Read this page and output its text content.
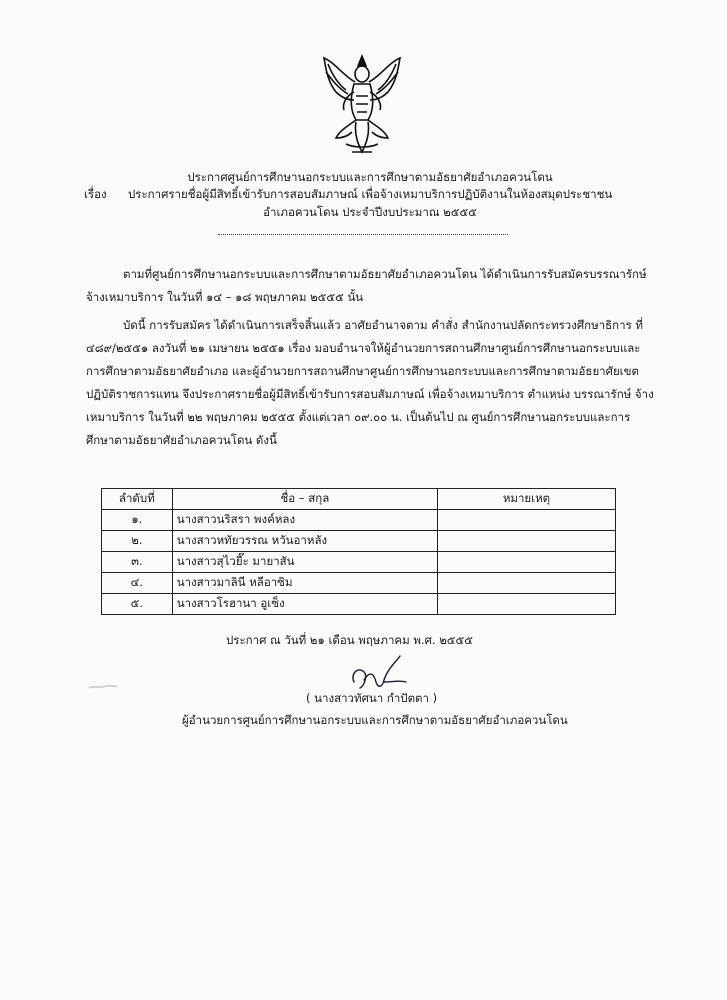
ประกาศศูนย์การศึกษานอกระบบและการศึกษาตามอัธยาศัยอำเภอควนโดน
เรื่อง ประกาศรายชื่อผู้มีสิทธิ์เข้ารับการสอบสัมภาษณ์ เพื่อจ้างเหมาบริการปฏิบัติงานในห้องสมุดประชาชน
อำเภอควนโดน ประจำปีงบประมาณ ๒๕๕๕
ตามที่ศูนย์การศึกษานอกระบบและการศึกษาตามอัธยาศัยอำเภอควนโดน ได้ดำเนินการรับสมัครบรรณารักษ์จ้างเหมาบริการ ในวันที่ ๑๔ – ๑๘ พฤษภาคม ๒๕๕๕ นั้น
บัดนี้ การรับสมัคร ได้ดำเนินการเสร็จสิ้นแล้ว อาศัยอำนาจตาม คำสั่ง สำนักงานปลัดกระทรวงศึกษาธิการ ที่ ๔๘๙/๒๕๕๑ ลงวันที่ ๒๑ เมษายน ๒๕๕๑ เรื่อง มอบอำนาจให้ผู้อำนวยการสถานศึกษาศูนย์การศึกษานอกระบบและการศึกษาตามอัธยาศัยอำเภอ และผู้อำนวยการสถานศึกษาศูนย์การศึกษานอกระบบและการศึกษาตามอัธยาศัยเขต ปฏิบัติราชการแทน จึงประกาศรายชื่อผู้มีสิทธิ์เข้ารับการสอบสัมภาษณ์ เพื่อจ้างเหมาบริการ ตำแหน่ง บรรณารักษ์ จ้างเหมาบริการ ในวันที่ ๒๒ พฤษภาคม ๒๕๕๕ ตั้งแต่เวลา ๐๙.๐๐ น. เป็นต้นไป ณ ศูนย์การศึกษานอกระบบและการศึกษาตามอัธยาศัยอำเภอควนโดน ดังนี้
ลำดับที่	ชื่อ – สกุล	หมายเหตุ
๑.	นางสาวนริสรา พงค์หลง	
๒.	นางสาวหทัยวรรณ หวันอาหลัง	
๓.	นางสาวสุไวยี๊ะ มายาสัน	
๔.	นางสาวมาลินี หลีอาซิม	
๕.	นางสาวโรฮานา อูเซ็ง	
ประกาศ ณ วันที่ ๒๑ เดือน พฤษภาคม พ.ศ. ๒๕๕๕
( นางสาวทัศนา กำปัตตา )
ผู้อำนวยการศูนย์การศึกษานอกระบบและการศึกษาตามอัธยาศัยอำเภอควนโดน
